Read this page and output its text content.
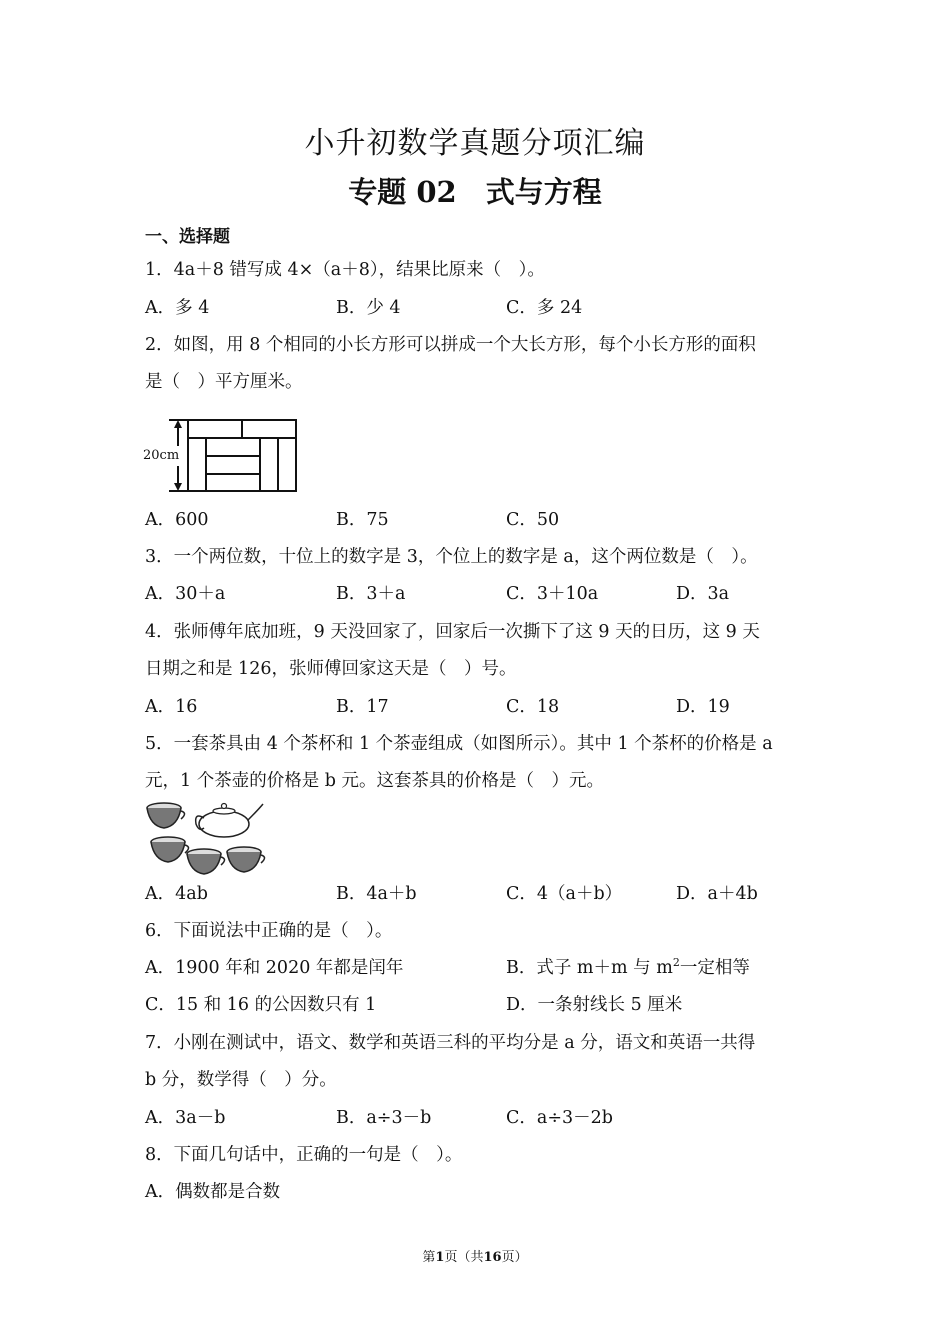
小升初数学真题分项汇编
专题 02　式与方程
一、选择题
1．4a＋8 错写成 4×（a＋8），结果比原来（　）。
A．多 4	B．少 4	C．多 24
2．如图，用 8 个相同的小长方形可以拼成一个大长方形，每个小长方形的面积
是（　）平方厘米。
20cm
A．600	B．75	C．50
3．一个两位数，十位上的数字是 3，个位上的数字是 a，这个两位数是（　）。
A．30＋a	B．3＋a	C．3＋10a	D．3a
4．张师傅年底加班，9 天没回家了，回家后一次撕下了这 9 天的日历，这 9 天
日期之和是 126，张师傅回家这天是（　）号。
A．16	B．17	C．18	D．19
5．一套茶具由 4 个茶杯和 1 个茶壶组成（如图所示）。其中 1 个茶杯的价格是 a
元，1 个茶壶的价格是 b 元。这套茶具的价格是（　）元。
A．4ab	B．4a＋b	C．4（a＋b）	D．a＋4b
6．下面说法中正确的是（　）。
A．1900 年和 2020 年都是闰年	B．式子 m＋m 与 $m^2$一定相等
C．15 和 16 的公因数只有 1	D．一条射线长 5 厘米
7．小刚在测试中，语文、数学和英语三科的平均分是 a 分，语文和英语一共得
b 分，数学得（　）分。
A．3a－b	B．a÷3－b	C．a÷3－2b
8．下面几句话中，正确的一句是（　）。
A．偶数都是合数
第1页（共16页）
